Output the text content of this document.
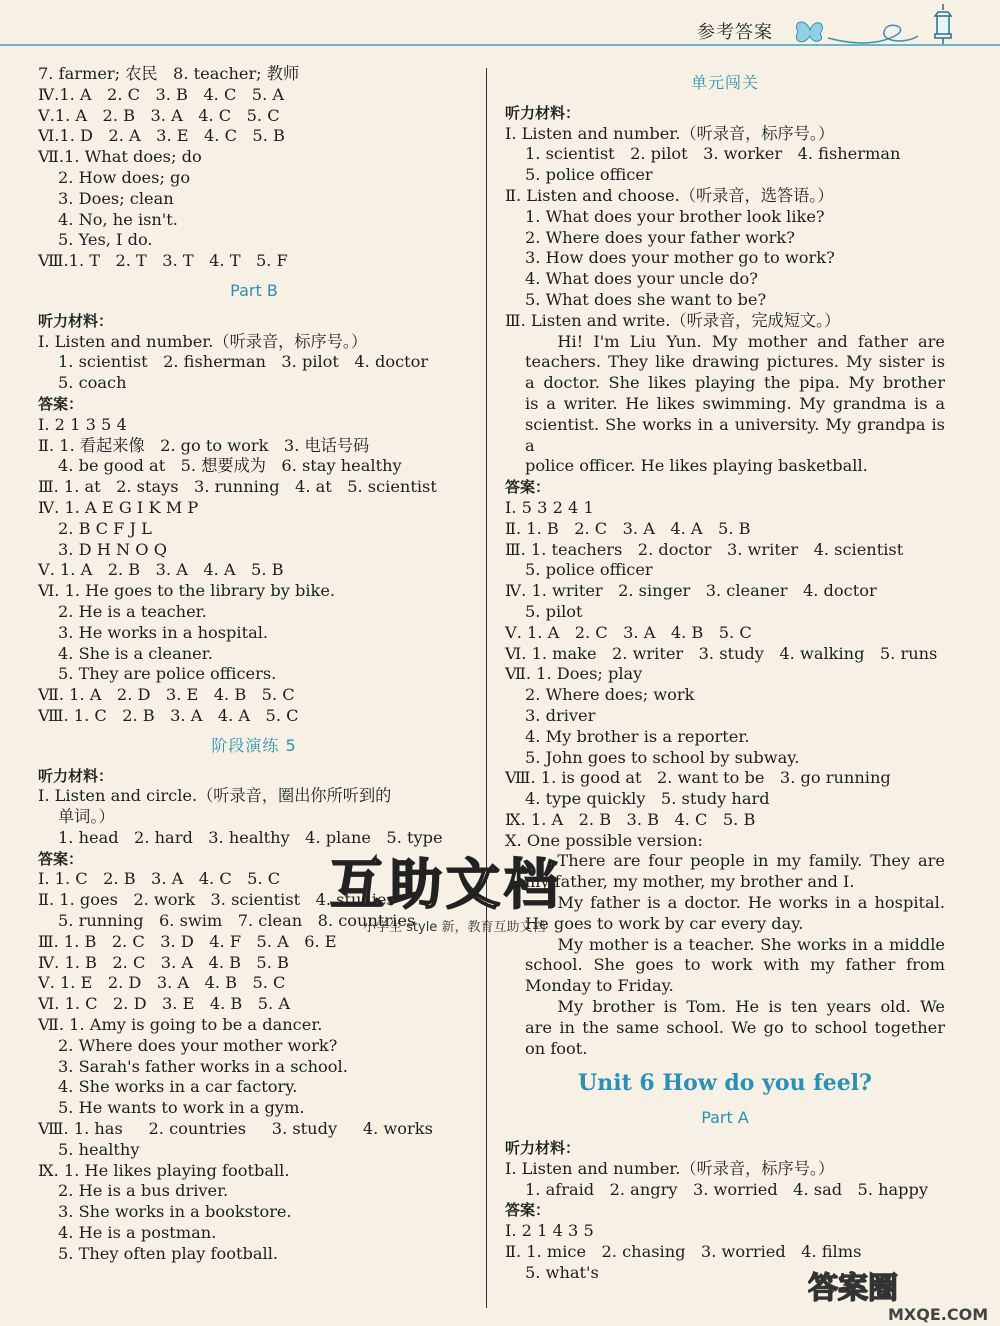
参考答案
7. farmer; 农民   8. teacher; 教师
Ⅳ.1. A   2. C   3. B   4. C   5. A
Ⅴ.1. A   2. B   3. A   4. C   5. C
Ⅵ.1. D   2. A   3. E   4. C   5. B
Ⅶ.1. What does; do
2. How does; go
3. Does; clean
4. No, he isn't.
5. Yes, I do.
Ⅷ.1. T   2. T   3. T   4. T   5. F
Part B
听力材料：
Ⅰ. Listen and number.（听录音，标序号。）
1. scientist   2. fisherman   3. pilot   4. doctor
5. coach
答案：
Ⅰ. 2 1 3 5 4
Ⅱ. 1. 看起来像   2. go to work   3. 电话号码
4. be good at   5. 想要成为   6. stay healthy
Ⅲ. 1. at   2. stays   3. running   4. at   5. scientist
Ⅳ. 1. A E G I K M P
2. B C F J L
3. D H N O Q
Ⅴ. 1. A   2. B   3. A   4. A   5. B
Ⅵ. 1. He goes to the library by bike.
2. He is a teacher.
3. He works in a hospital.
4. She is a cleaner.
5. They are police officers.
Ⅶ. 1. A   2. D   3. E   4. B   5. C
Ⅷ. 1. C   2. B   3. A   4. A   5. C
阶段演练 5
听力材料：
Ⅰ. Listen and circle.（听录音，圈出你所听到的
单词。）
1. head   2. hard   3. healthy   4. plane   5. type
答案：
Ⅰ. 1. C   2. B   3. A   4. C   5. C
Ⅱ. 1. goes   2. work   3. scientist   4. studies
5. running   6. swim   7. clean   8. countries
Ⅲ. 1. B   2. C   3. D   4. F   5. A   6. E
Ⅳ. 1. B   2. C   3. A   4. B   5. B
Ⅴ. 1. E   2. D   3. A   4. B   5. C
Ⅵ. 1. C   2. D   3. E   4. B   5. A
Ⅶ. 1. Amy is going to be a dancer.
2. Where does your mother work?
3. Sarah's father works in a school.
4. She works in a car factory.
5. He wants to work in a gym.
Ⅷ. 1. has     2. countries     3. study     4. works
5. healthy
Ⅸ. 1. He likes playing football.
2. He is a bus driver.
3. She works in a bookstore.
4. He is a postman.
5. They often play football.
单元闯关
听力材料：
Ⅰ. Listen and number.（听录音，标序号。）
1. scientist   2. pilot   3. worker   4. fisherman
5. police officer
Ⅱ. Listen and choose.（听录音，选答语。）
1. What does your brother look like?
2. Where does your father work?
3. How does your mother go to work?
4. What does your uncle do?
5. What does she want to be?
Ⅲ. Listen and write.（听录音，完成短文。）
Hi! I'm Liu Yun. My mother and father are
teachers. They like drawing pictures. My sister is
a doctor. She likes playing the pipa. My brother
is a writer. He likes swimming. My grandma is a
scientist. She works in a university. My grandpa is a
police officer. He likes playing basketball.
答案：
Ⅰ. 5 3 2 4 1
Ⅱ. 1. B   2. C   3. A   4. A   5. B
Ⅲ. 1. teachers   2. doctor   3. writer   4. scientist
5. police officer
Ⅳ. 1. writer   2. singer   3. cleaner   4. doctor
5. pilot
Ⅴ. 1. A   2. C   3. A   4. B   5. C
Ⅵ. 1. make   2. writer   3. study   4. walking   5. runs
Ⅶ. 1. Does; play
2. Where does; work
3. driver
4. My brother is a reporter.
5. John goes to school by subway.
Ⅷ. 1. is good at   2. want to be   3. go running
4. type quickly   5. study hard
Ⅸ. 1. A   2. B   3. B   4. C   5. B
Ⅹ. One possible version:
There are four people in my family. They are
my father, my mother, my brother and I.
My father is a doctor. He works in a hospital.
He goes to work by car every day.
My mother is a teacher. She works in a middle
school. She goes to work with my father from
Monday to Friday.
My brother is Tom. He is ten years old. We
are in the same school. We go to school together
on foot.
Unit 6 How do you feel?
Part A
听力材料：
Ⅰ. Listen and number.（听录音，标序号。）
1. afraid   2. angry   3. worried   4. sad   5. happy
答案：
Ⅰ. 2 1 4 3 5
Ⅱ. 1. mice   2. chasing   3. worried   4. films
5. what's
互助文档
小学生 style 新，教育互助文档
答案圈
MXQE.COM
